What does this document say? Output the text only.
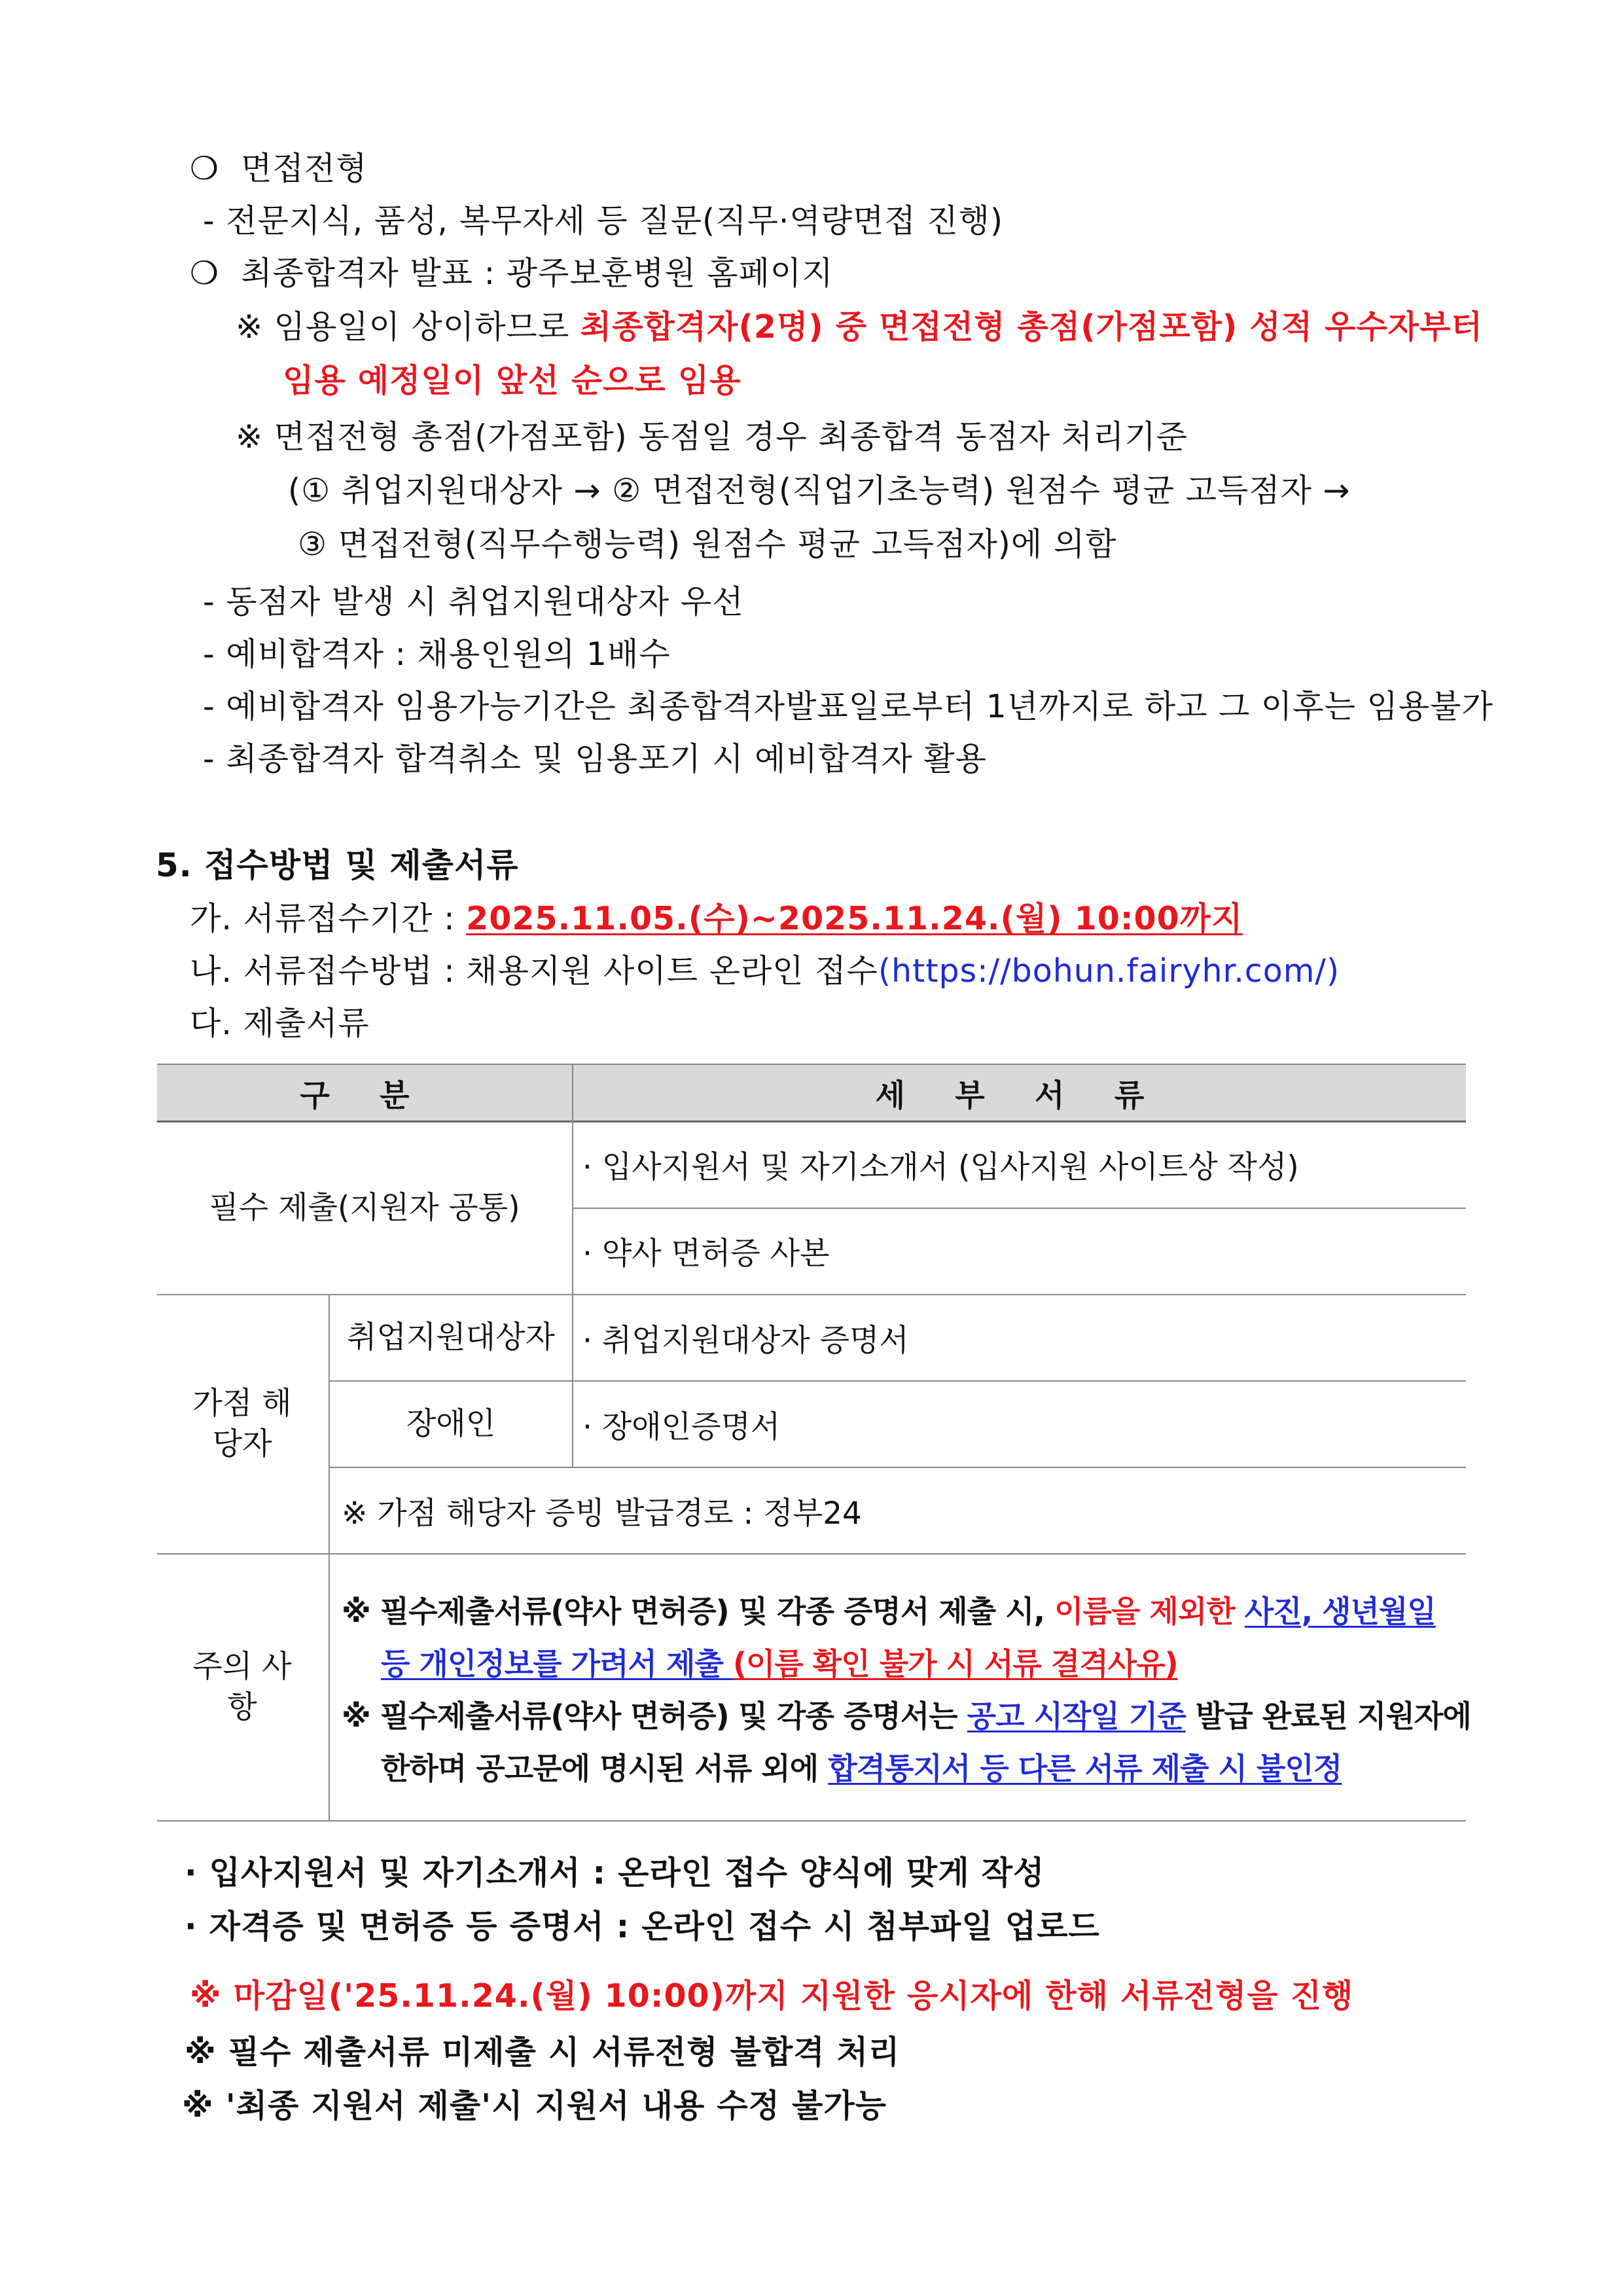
❍ 면접전형
- 전문지식, 품성, 복무자세 등 질문(직무·역량면접 진행)
❍ 최종합격자 발표 : 광주보훈병원 홈페이지
※ 임용일이 상이하므로 최종합격자(2명) 중 면접전형 총점(가점포함) 성적 우수자부터
임용 예정일이 앞선 순으로 임용
※ 면접전형 총점(가점포함) 동점일 경우 최종합격 동점자 처리기준
(① 취업지원대상자 → ② 면접전형(직업기초능력) 원점수 평균 고득점자 →
③ 면접전형(직무수행능력) 원점수 평균 고득점자)에 의함
- 동점자 발생 시 취업지원대상자 우선
- 예비합격자 : 채용인원의 1배수
- 예비합격자 임용가능기간은 최종합격자발표일로부터 1년까지로 하고 그 이후는 임용불가
- 최종합격자 합격취소 및 임용포기 시 예비합격자 활용
5. 접수방법 및 제출서류
가. 서류접수기간 : 2025.11.05.(수)~2025.11.24.(월) 10:00까지
나. 서류접수방법 : 채용지원 사이트 온라인 접수(https://bohun.fairyhr.com/)
다. 제출서류
구 분	세 부 서 류
필수 제출(지원자 공통)
· 입사지원서 및 자기소개서 (입사지원 사이트상 작성)
· 약사 면허증 사본
가점 해당자
취업지원대상자 · 취업지원대상자 증명서
장애인	· 장애인증명서
※ 가점 해당자 증빙 발급경로 : 정부24
주의 사항
※ 필수제출서류(약사 면허증) 및 각종 증명서 제출 시, 이름을 제외한 사진, 생년월일
등 개인정보를 가려서 제출 (이름 확인 불가 시 서류 결격사유)
※ 필수제출서류(약사 면허증) 및 각종 증명서는 공고 시작일 기준 발급 완료된 지원자에
한하며 공고문에 명시된 서류 외에 합격통지서 등 다른 서류 제출 시 불인정
· 입사지원서 및 자기소개서 : 온라인 접수 양식에 맞게 작성
· 자격증 및 면허증 등 증명서 : 온라인 접수 시 첨부파일 업로드
※ 마감일('25.11.24.(월) 10:00)까지 지원한 응시자에 한해 서류전형을 진행
※ 필수 제출서류 미제출 시 서류전형 불합격 처리
※ '최종 지원서 제출'시 지원서 내용 수정 불가능
